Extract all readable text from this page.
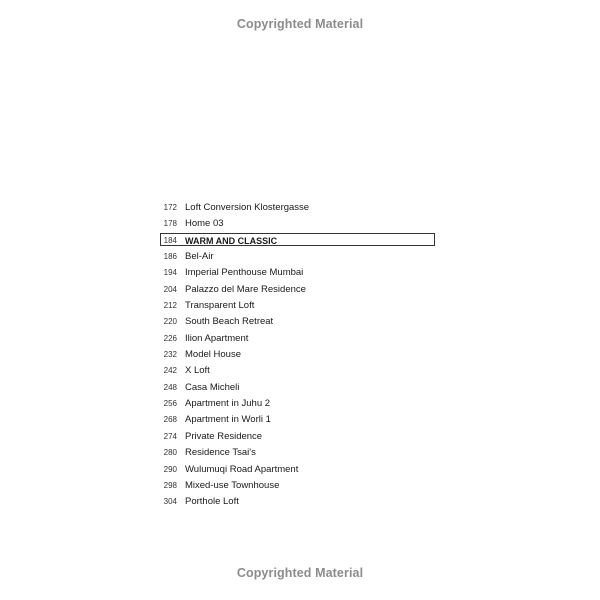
Copyrighted Material
172 Loft Conversion Klostergasse
178 Home 03
184 WARM AND CLASSIC
186 Bel-Air
194 Imperial Penthouse Mumbai
204 Palazzo del Mare Residence
212 Transparent Loft
220 South Beach Retreat
226 Ilion Apartment
232 Model House
242 X Loft
248 Casa Micheli
256 Apartment in Juhu 2
268 Apartment in Worli 1
274 Private Residence
280 Residence Tsai's
290 Wulumuqi Road Apartment
298 Mixed-use Townhouse
304 Porthole Loft
Copyrighted Material
